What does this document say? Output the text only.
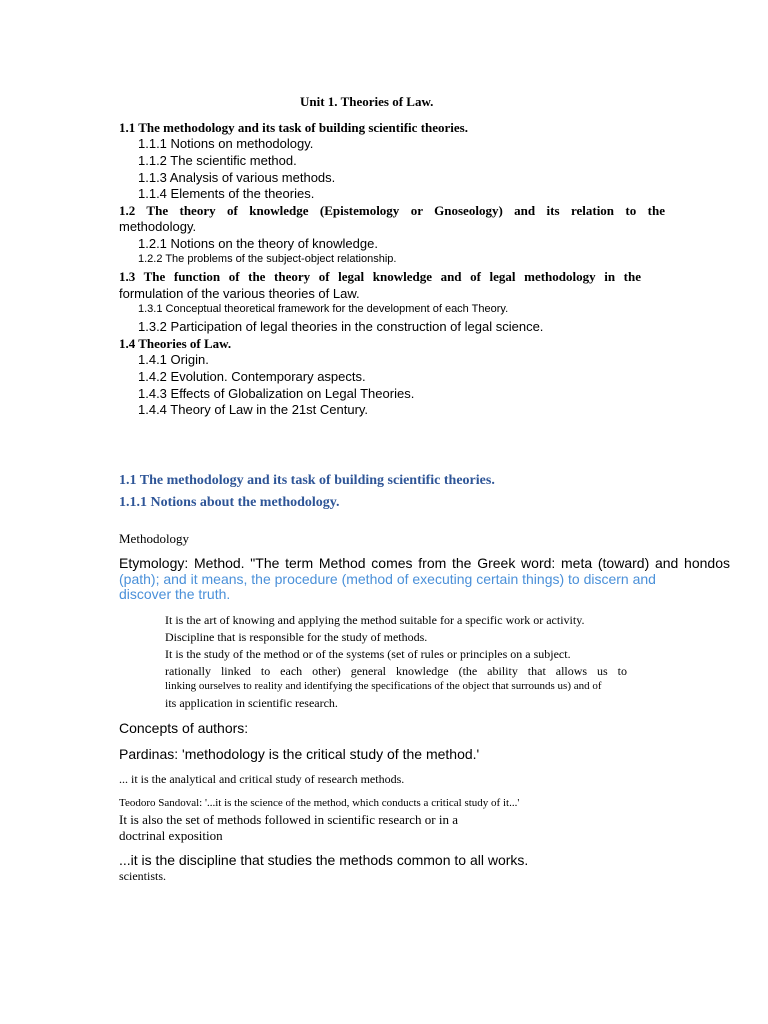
Unit 1. Theories of Law.
1.1 The methodology and its task of building scientific theories.
1.1.1 Notions on methodology.
1.1.2 The scientific method.
1.1.3 Analysis of various methods.
1.1.4 Elements of the theories.
1.2 The theory of knowledge (Epistemology or Gnoseology) and its relation to the
methodology.
1.2.1 Notions on the theory of knowledge.
1.2.2 The problems of the subject-object relationship.
1.3 The function of the theory of legal knowledge and of legal methodology in the
formulation of the various theories of Law.
1.3.1 Conceptual theoretical framework for the development of each Theory.
1.3.2 Participation of legal theories in the construction of legal science.
1.4 Theories of Law.
1.4.1 Origin.
1.4.2 Evolution. Contemporary aspects.
1.4.3 Effects of Globalization on Legal Theories.
1.4.4 Theory of Law in the 21st Century.
1.1 The methodology and its task of building scientific theories.
1.1.1 Notions about the methodology.
Methodology
Etymology: Method. "The term Method comes from the Greek word: meta (toward) and hondos
(path); and it means, the procedure (method of executing certain things) to discern and
discover the truth.
It is the art of knowing and applying the method suitable for a specific work or activity.
Discipline that is responsible for the study of methods.
It is the study of the method or of the systems (set of rules or principles on a subject.
rationally linked to each other) general knowledge (the ability that allows us to
linking ourselves to reality and identifying the specifications of the object that surrounds us) and of
its application in scientific research.
Concepts of authors:
Pardinas: 'methodology is the critical study of the method.'
... it is the analytical and critical study of research methods.
Teodoro Sandoval: '...it is the science of the method, which conducts a critical study of it...'
It is also the set of methods followed in scientific research or in a
doctrinal exposition
...it is the discipline that studies the methods common to all works.
scientists.
